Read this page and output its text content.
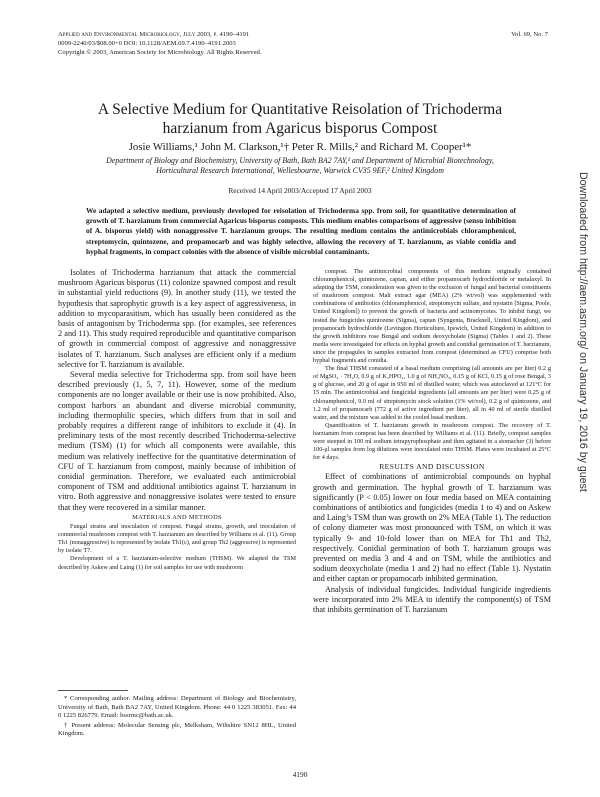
Applied and Environmental Microbiology, July 2003, p. 4190–4191
0099-2240/03/$08.00+0 DOI: 10.1128/AEM.69.7.4190–4191.2003
Copyright © 2003, American Society for Microbiology. All Rights Reserved.
Vol. 69, No. 7
A Selective Medium for Quantitative Reisolation of Trichoderma
harzianum from Agaricus bisporus Compost
Josie Williams,¹ John M. Clarkson,¹† Peter R. Mills,² and Richard M. Cooper¹*
Department of Biology and Biochemistry, University of Bath, Bath BA2 7AY,¹ and Department of Microbial Biotechnology,
Horticultural Research International, Wellesbourne, Warwick CV35 9EF,² United Kingdom
Received 14 April 2003/Accepted 17 April 2003
We adapted a selective medium, previously developed for reisolation of Trichoderma spp. from soil, for quantitative determination of growth of T. harzianum from commercial Agaricus bisporus composts. This medium enables comparisons of aggressive (sensu inhibition of A. bisporus yield) with nonaggressive T. harzianum groups. The resulting medium contains the antimicrobials chloramphenicol, streptomycin, quintozene, and propamocarb and was highly selective, allowing the recovery of T. harzianum, as viable conidia and hyphal fragments, in compact colonies with the absence of visible microbial contaminants.

Isolates of Trichoderma harzianum that attack the commercial mushroom Agaricus bisporus (11) colonize spawned compost and result in substantial yield reductions (9). In another study (11), we tested the hypothesis that saprophytic growth is a key aspect of aggressiveness, in addition to mycoparasitism, which has usually been considered as the basis of antagonism by Trichoderma spp. (for examples, see references 2 and 11). This study required reproducible and quantitative comparison of growth in commercial compost of aggressive and nonaggressive isolates of T. harzianum. Such analyses are efficient only if a medium selective for T. harzianum is available.

Several media selective for Trichoderma spp. from soil have been described previously (1, 5, 7, 11). However, some of the medium components are no longer available or their use is now prohibited. Also, compost harbors an abundant and diverse microbial community, including thermophilic species, which differs from that in soil and probably requires a different range of inhibitors to exclude it (4). In preliminary tests of the most recently described Trichoderma-selective medium (TSM) (1) for which all components were available, this medium was relatively ineffective for the quantitative determination of CFU of T. harzianum from compost, mainly because of inhibition of conidial germination. Therefore, we evaluated each antimicrobial component of TSM and additional antibiotics against T. harzianum in vitro. Both aggressive and nonaggressive isolates were tested to ensure that they were recovered in a similar manner.

MATERIALS AND METHODS

Fungal strains and inoculation of compost. Fungal strains, growth, and inoculation of commercial mushroom compost with T. harzianum are described by Williams et al. (11). Group Th1 (nonaggressive) is represented by isolate Th1(c), and group Th2 (aggressive) is represented by isolate T7.

Development of a T. harzianum-selective medium (THSM). We adapted the TSM described by Askew and Laing (1) for soil samples for use with mushroom

compost. The antimicrobial components of this medium originally contained chloramphenicol, quintozene, captan, and either propamocarb hydrochloride or metalaxyl. In adapting the TSM, consideration was given to the exclusion of fungal and bacterial constituents of mushroom compost. Malt extract agar (MEA) (2% wt/vol) was supplemented with combinations of antibiotics (chloramphenicol, streptomycin sulfate, and nystatin [Sigma, Poole, United Kingdom]) to prevent the growth of bacteria and actinomycetes. To inhibit fungi, we tested the fungicides quintozene (Sigma), captan (Syngenta, Bracknell, United Kingdom), and propamocarb hydrochloride (Levington Horticulture, Ipswich, United Kingdom) in addition to the growth inhibitors rose Bengal and sodium deoxycholate (Sigma) (Tables 1 and 2). These media were investigated for effects on hyphal growth and conidial germination of T. harzianum, since the propagules in samples extracted from compost (determined as CFU) comprise both hyphal fragments and conidia.

The final THSM consisted of a basal medium comprising (all amounts are per liter) 0.2 g of MgSO₄ · 7H₂O, 0.9 g of K₂HPO₄, 1.0 g of NH₄NO₃, 0.15 g of KCl, 0.15 g of rose Bengal, 3 g of glucose, and 20 g of agar in 950 ml of distilled water, which was autoclaved at 121°C for 15 min. The antimicrobial and fungicidal ingredients (all amounts are per liter) were 0.25 g of chloramphenicol, 9.0 ml of streptomycin stock solution (1% wt/vol), 0.2 g of quintozene, and 1.2 ml of propamocarb (772 g of active ingredient per liter), all in 40 ml of sterile distilled water, and the mixture was added to the cooled basal medium.

Quantification of T. harzianum growth in mushroom compost. The recovery of T. harzianum from compost has been described by Williams et al. (11). Briefly, compost samples were steeped in 100 ml sodium tetrapyrophosphate and then agitated in a stomacher (3) before 100-μl samples from log dilutions were inoculated onto THSM. Plates were incubated at 25°C for 4 days.

RESULTS AND DISCUSSION

Effect of combinations of antimicrobial compounds on hyphal growth and germination. The hyphal growth of T. harzianum was significantly (P < 0.05) lower on four media based on MEA containing combinations of antibiotics and fungicides (media 1 to 4) and on Askew and Laing’s TSM than was growth on 2% MEA (Table 1). The reduction of colony diameter was most pronounced with TSM, on which it was typically 9- and 10-fold lower than on MEA for Th1 and Th2, respectively. Conidial germination of both T. harzianum groups was prevented on media 3 and 4 and on TSM, while the antibiotics and sodium deoxycholate (media 1 and 2) had no effect (Table 1). Nystatin and either captan or propamocarb inhibited germination.

Analysis of individual fungicides. Individual fungicide ingredients were incorporated into 2% MEA to identify the component(s) of TSM that inhibits germination of T. harzianum

* Corresponding author. Mailing address: Department of Biology and Biochemistry, University of Bath, Bath BA2 7AY, United Kingdom. Phone: 44 0 1225 383051. Fax: 44 0 1225 826779. Email: bssrmc@bath.ac.uk.

† Present address: Molecular Sensing plc, Melksham, Wiltshire SN12 8HL, United Kingdom.

4190
Downloaded from http://aem.asm.org/ on January 19, 2016 by guest
